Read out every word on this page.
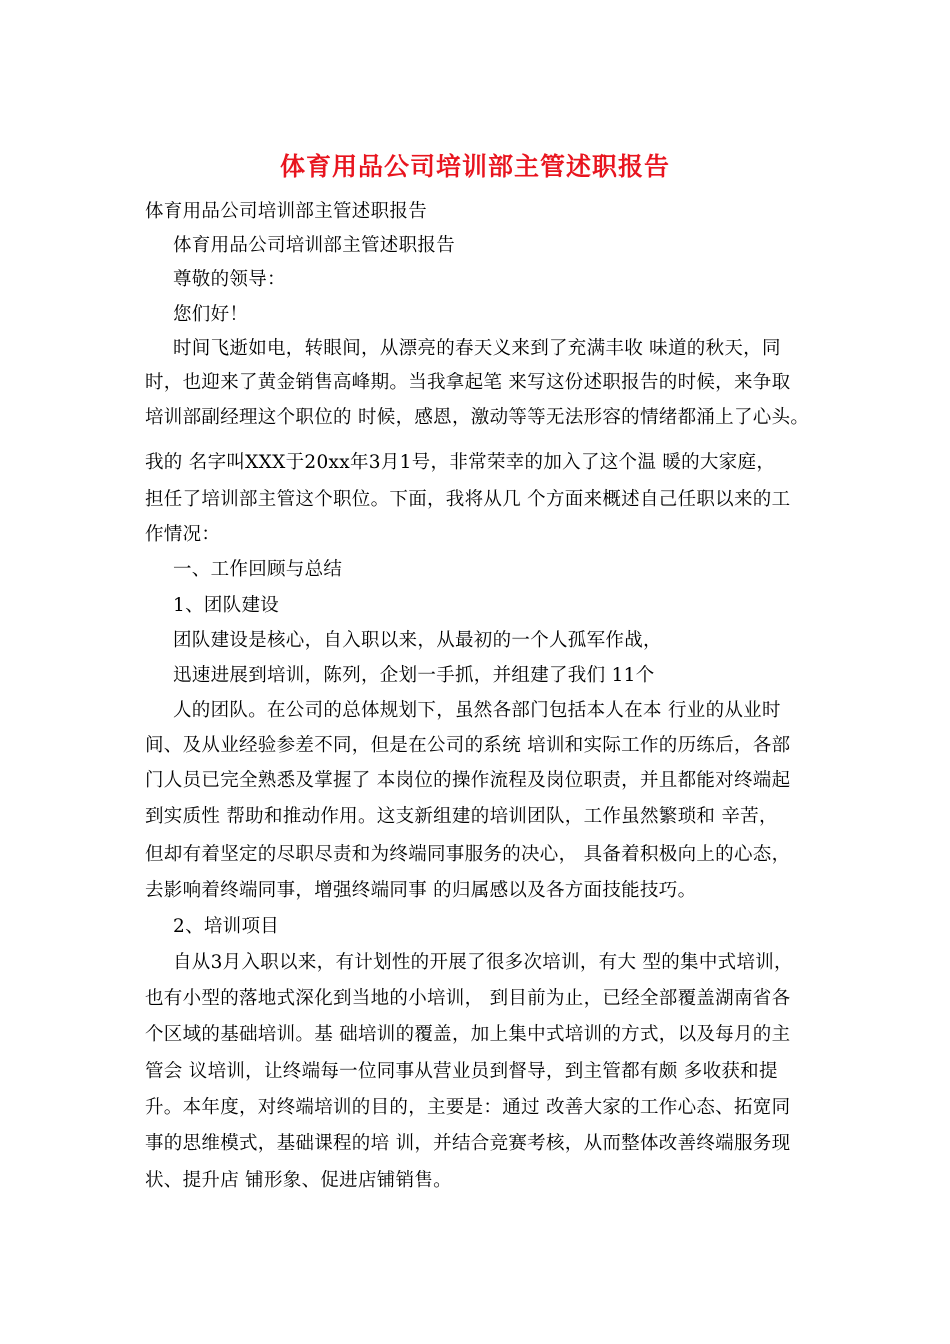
体育用品公司培训部主管述职报告
体育用品公司培训部主管述职报告
体育用品公司培训部主管述职报告
尊敬的领导：
您们好！
时间飞逝如电，转眼间，从漂亮的春天义来到了充满丰收 味道的秋天，同
时，也迎来了黄金销售高峰期。当我拿起笔 来写这份述职报告的时候，来争取
培训部副经理这个职位的 时候，感恩，激动等等无法形容的情绪都涌上了心头。
我的 名字叫XXX于20xx年3月1号，非常荣幸的加入了这个温 暖的大家庭，
担任了培训部主管这个职位。下面，我将从几 个方面来概述自己任职以来的工
作情况：
一、工作回顾与总结
1、团队建设
团队建设是核心，自入职以来，从最初的一个人孤军作战，
迅速进展到培训，陈列，企划一手抓，并组建了我们 11个
人的团队。在公司的总体规划下，虽然各部门包括本人在本 行业的从业时
间、及从业经验参差不同，但是在公司的系统 培训和实际工作的历练后，各部
门人员已完全熟悉及掌握了 本岗位的操作流程及岗位职责，并且都能对终端起
到实质性 帮助和推动作用。这支新组建的培训团队，工作虽然繁琐和 辛苦，
但却有着坚定的尽职尽责和为终端同事服务的决心， 具备着积极向上的心态，
去影响着终端同事，增强终端同事 的归属感以及各方面技能技巧。
2、培训项目
自从3月入职以来，有计划性的开展了很多次培训，有大 型的集中式培训，
也有小型的落地式深化到当地的小培训， 到目前为止，已经全部覆盖湖南省各
个区域的基础培训。基 础培训的覆盖，加上集中式培训的方式，以及每月的主
管会 议培训，让终端每一位同事从营业员到督导，到主管都有颇 多收获和提
升。本年度，对终端培训的目的，主要是：通过 改善大家的工作心态、拓宽同
事的思维模式，基础课程的培 训，并结合竞赛考核，从而整体改善终端服务现
状、提升店 铺形象、促进店铺销售。
